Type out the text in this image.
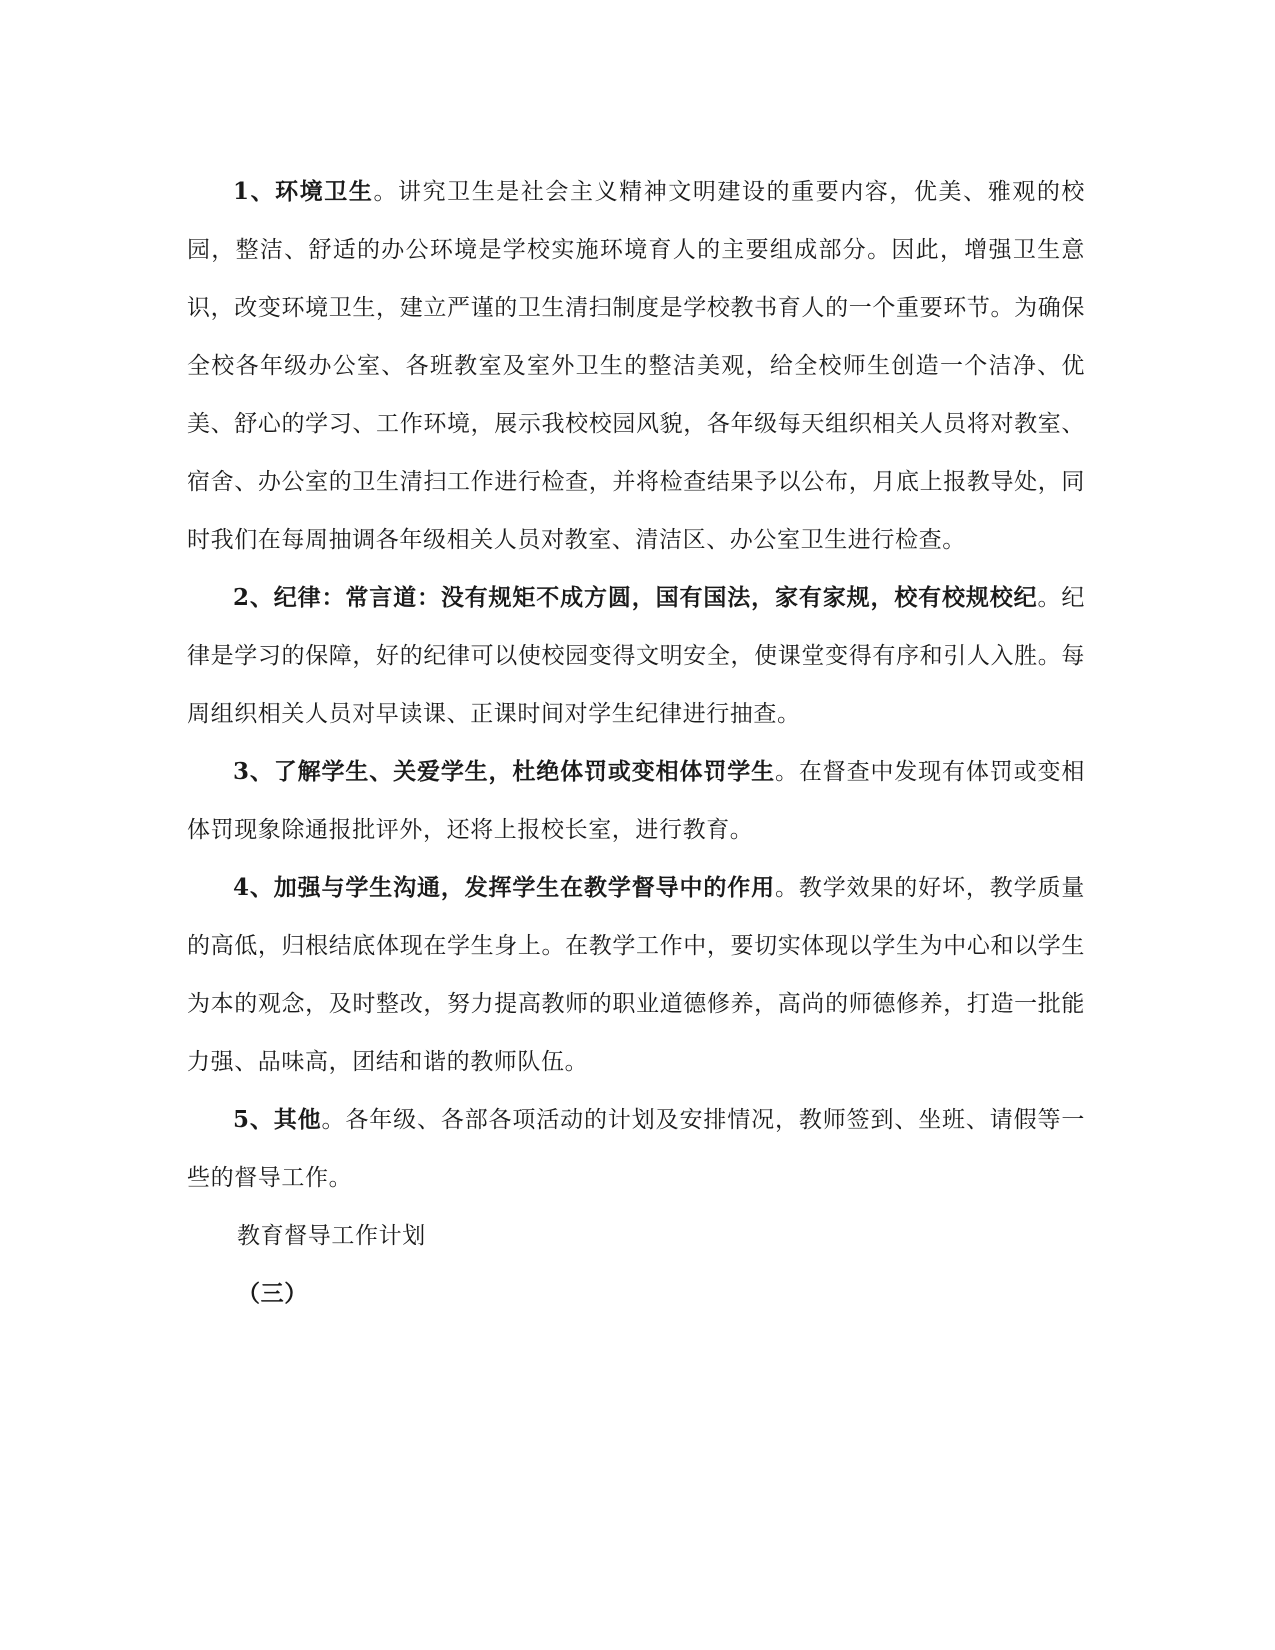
1、环境卫生。讲究卫生是社会主义精神文明建设的重要内容，优美、雅观的校园，整洁、舒适的办公环境是学校实施环境育人的主要组成部分。因此，增强卫生意识，改变环境卫生，建立严谨的卫生清扫制度是学校教书育人的一个重要环节。为确保全校各年级办公室、各班教室及室外卫生的整洁美观，给全校师生创造一个洁净、优美、舒心的学习、工作环境，展示我校校园风貌，各年级每天组织相关人员将对教室、宿舍、办公室的卫生清扫工作进行检查，并将检查结果予以公布，月底上报教导处，同时我们在每周抽调各年级相关人员对教室、清洁区、办公室卫生进行检查。

2、纪律：常言道：没有规矩不成方圆，国有国法，家有家规，校有校规校纪。纪律是学习的保障，好的纪律可以使校园变得文明安全，使课堂变得有序和引人入胜。每周组织相关人员对早读课、正课时间对学生纪律进行抽查。

3、了解学生、关爱学生，杜绝体罚或变相体罚学生。在督查中发现有体罚或变相体罚现象除通报批评外，还将上报校长室，进行教育。

4、加强与学生沟通，发挥学生在教学督导中的作用。教学效果的好坏，教学质量的高低，归根结底体现在学生身上。在教学工作中，要切实体现以学生为中心和以学生为本的观念，及时整改，努力提高教师的职业道德修养，高尚的师德修养，打造一批能力强、品味高，团结和谐的教师队伍。

5、其他。各年级、各部各项活动的计划及安排情况，教师签到、坐班、请假等一些的督导工作。

教育督导工作计划

（三）
